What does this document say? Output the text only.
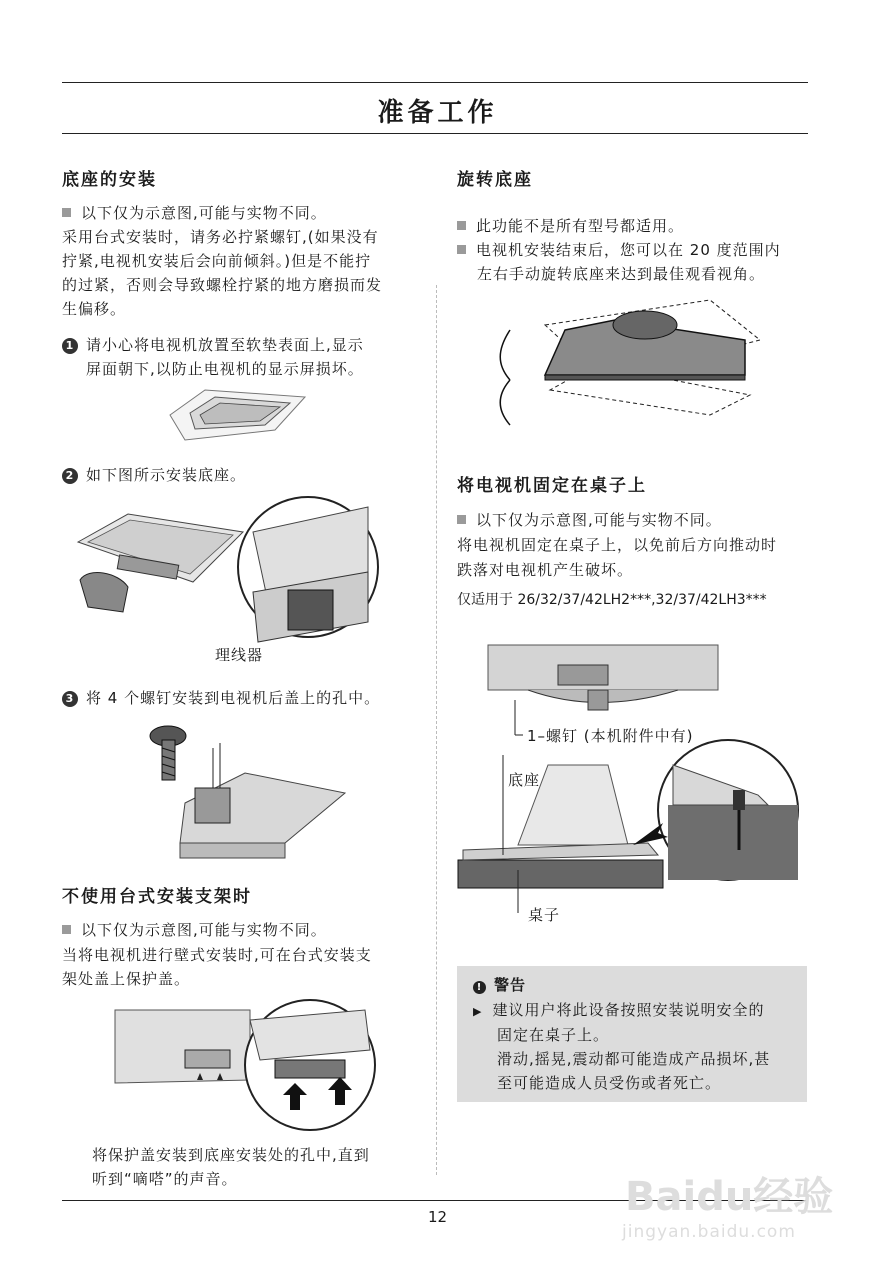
准备工作
底座的安装
以下仅为示意图,可能与实物不同。
采用台式安装时，请务必拧紧螺钉,(如果没有
拧紧,电视机安装后会向前倾斜。)但是不能拧
的过紧，否则会导致螺栓拧紧的地方磨损而发
生偏移。
1 请小心将电视机放置至软垫表面上,显示
屏面朝下,以防止电视机的显示屏损坏。
2 如下图所示安装底座。
理线器
3 将 4 个螺钉安装到电视机后盖上的孔中。
不使用台式安装支架时
以下仅为示意图,可能与实物不同。
当将电视机进行壁式安装时,可在台式安装支
架处盖上保护盖。
将保护盖安装到底座安装处的孔中,直到
听到“嘀嗒”的声音。
旋转底座
此功能不是所有型号都适用。
电视机安装结束后，您可以在 20 度范围内
左右手动旋转底座来达到最佳观看视角。
将电视机固定在桌子上
以下仅为示意图,可能与实物不同。
将电视机固定在桌子上，以免前后方向推动时
跌落对电视机产生破坏。
仅适用于 26/32/37/42LH2***,32/37/42LH3***
1–螺钉 (本机附件中有)
底座
桌子
! 警告
▶ 建议用户将此设备按照安装说明安全的
固定在桌子上。
滑动,摇晃,震动都可能造成产品损坏,甚
至可能造成人员受伤或者死亡。
12	Baidu经验
jingyan.baidu.com
